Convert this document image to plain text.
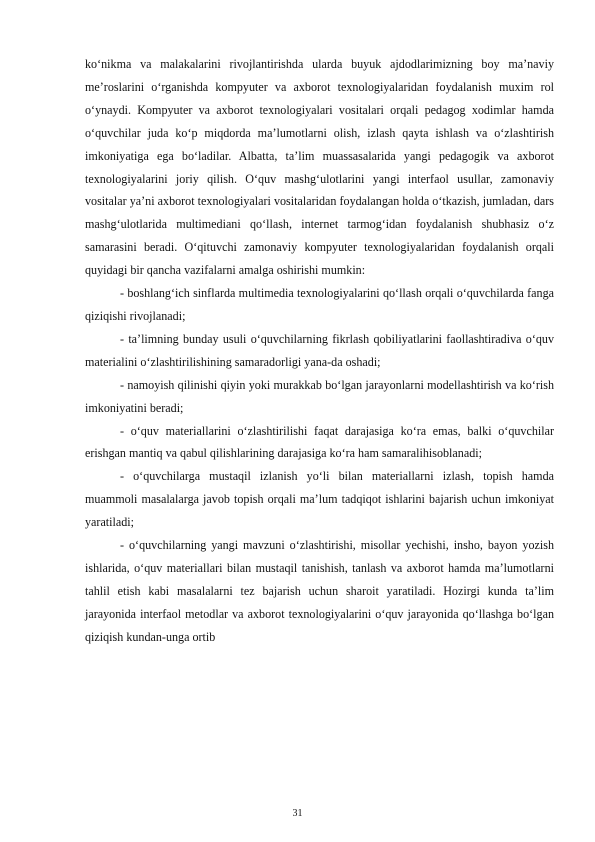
ko‘nikma va malakalarini rivojlantirishda ularda buyuk ajdodlarimizning boy ma’naviy me’roslarini o‘rganishda kompyuter va axborot texnologiyalaridan foydalanish muxim rol o‘ynaydi. Kompyuter va axborot texnologiyalari vositalari orqali pedagog xodimlar hamda o‘quvchilar juda ko‘p miqdorda ma’lumotlarni olish, izlash qayta ishlash va o‘zlashtirish imkoniyatiga ega bo‘ladilar. Albatta, ta’lim muassasalarida yangi pedagogik va axborot texnologiyalarini joriy qilish. O‘quv mashg‘ulotlarini yangi interfaol usullar, zamonaviy vositalar ya’ni axborot texnologiyalari vositalaridan foydalangan holda o‘tkazish, jumladan, dars mashg‘ulotlarida multimediani qo‘llash, internet tarmog‘idan foydalanish shubhasiz o‘z samarasini beradi. O‘qituvchi zamonaviy kompyuter texnologiyalaridan foydalanish orqali quyidagi bir qancha vazifalarni amalga oshirishi mumkin:

- boshlang‘ich sinflarda multimedia texnologiyalarini qo‘llash orqali o‘quvchilarda fanga qiziqishi rivojlanadi;

- ta’limning bunday usuli o‘quvchilarning fikrlash qobiliyatlarini faollashtiradiva o‘quv materialini o‘zlashtirilishining samaradorligi yana-da oshadi;

- namoyish qilinishi qiyin yoki murakkab bo‘lgan jarayonlarni modellashtirish va ko‘rish imkoniyatini beradi;

- o‘quv materiallarini o‘zlashtirilishi faqat darajasiga ko‘ra emas, balki o‘quvchilar erishgan mantiq va qabul qilishlarining darajasiga ko‘ra ham samaralihisoblanadi;

- o‘quvchilarga mustaqil izlanish yo‘li bilan materiallarni izlash, topish hamda muammoli masalalarga javob topish orqali ma’lum tadqiqot ishlarini bajarish uchun imkoniyat yaratiladi;

- o‘quvchilarning yangi mavzuni o‘zlashtirishi, misollar yechishi, insho, bayon yozish ishlarida, o‘quv materiallari bilan mustaqil tanishish, tanlash va axborot hamda ma’lumotlarni tahlil etish kabi masalalarni tez bajarish uchun sharoit yaratiladi. Hozirgi kunda ta’lim jarayonida interfaol metodlar va axborot texnologiyalarini o‘quv jarayonida qo‘llashga bo‘lgan qiziqish kundan-unga ortib

31
